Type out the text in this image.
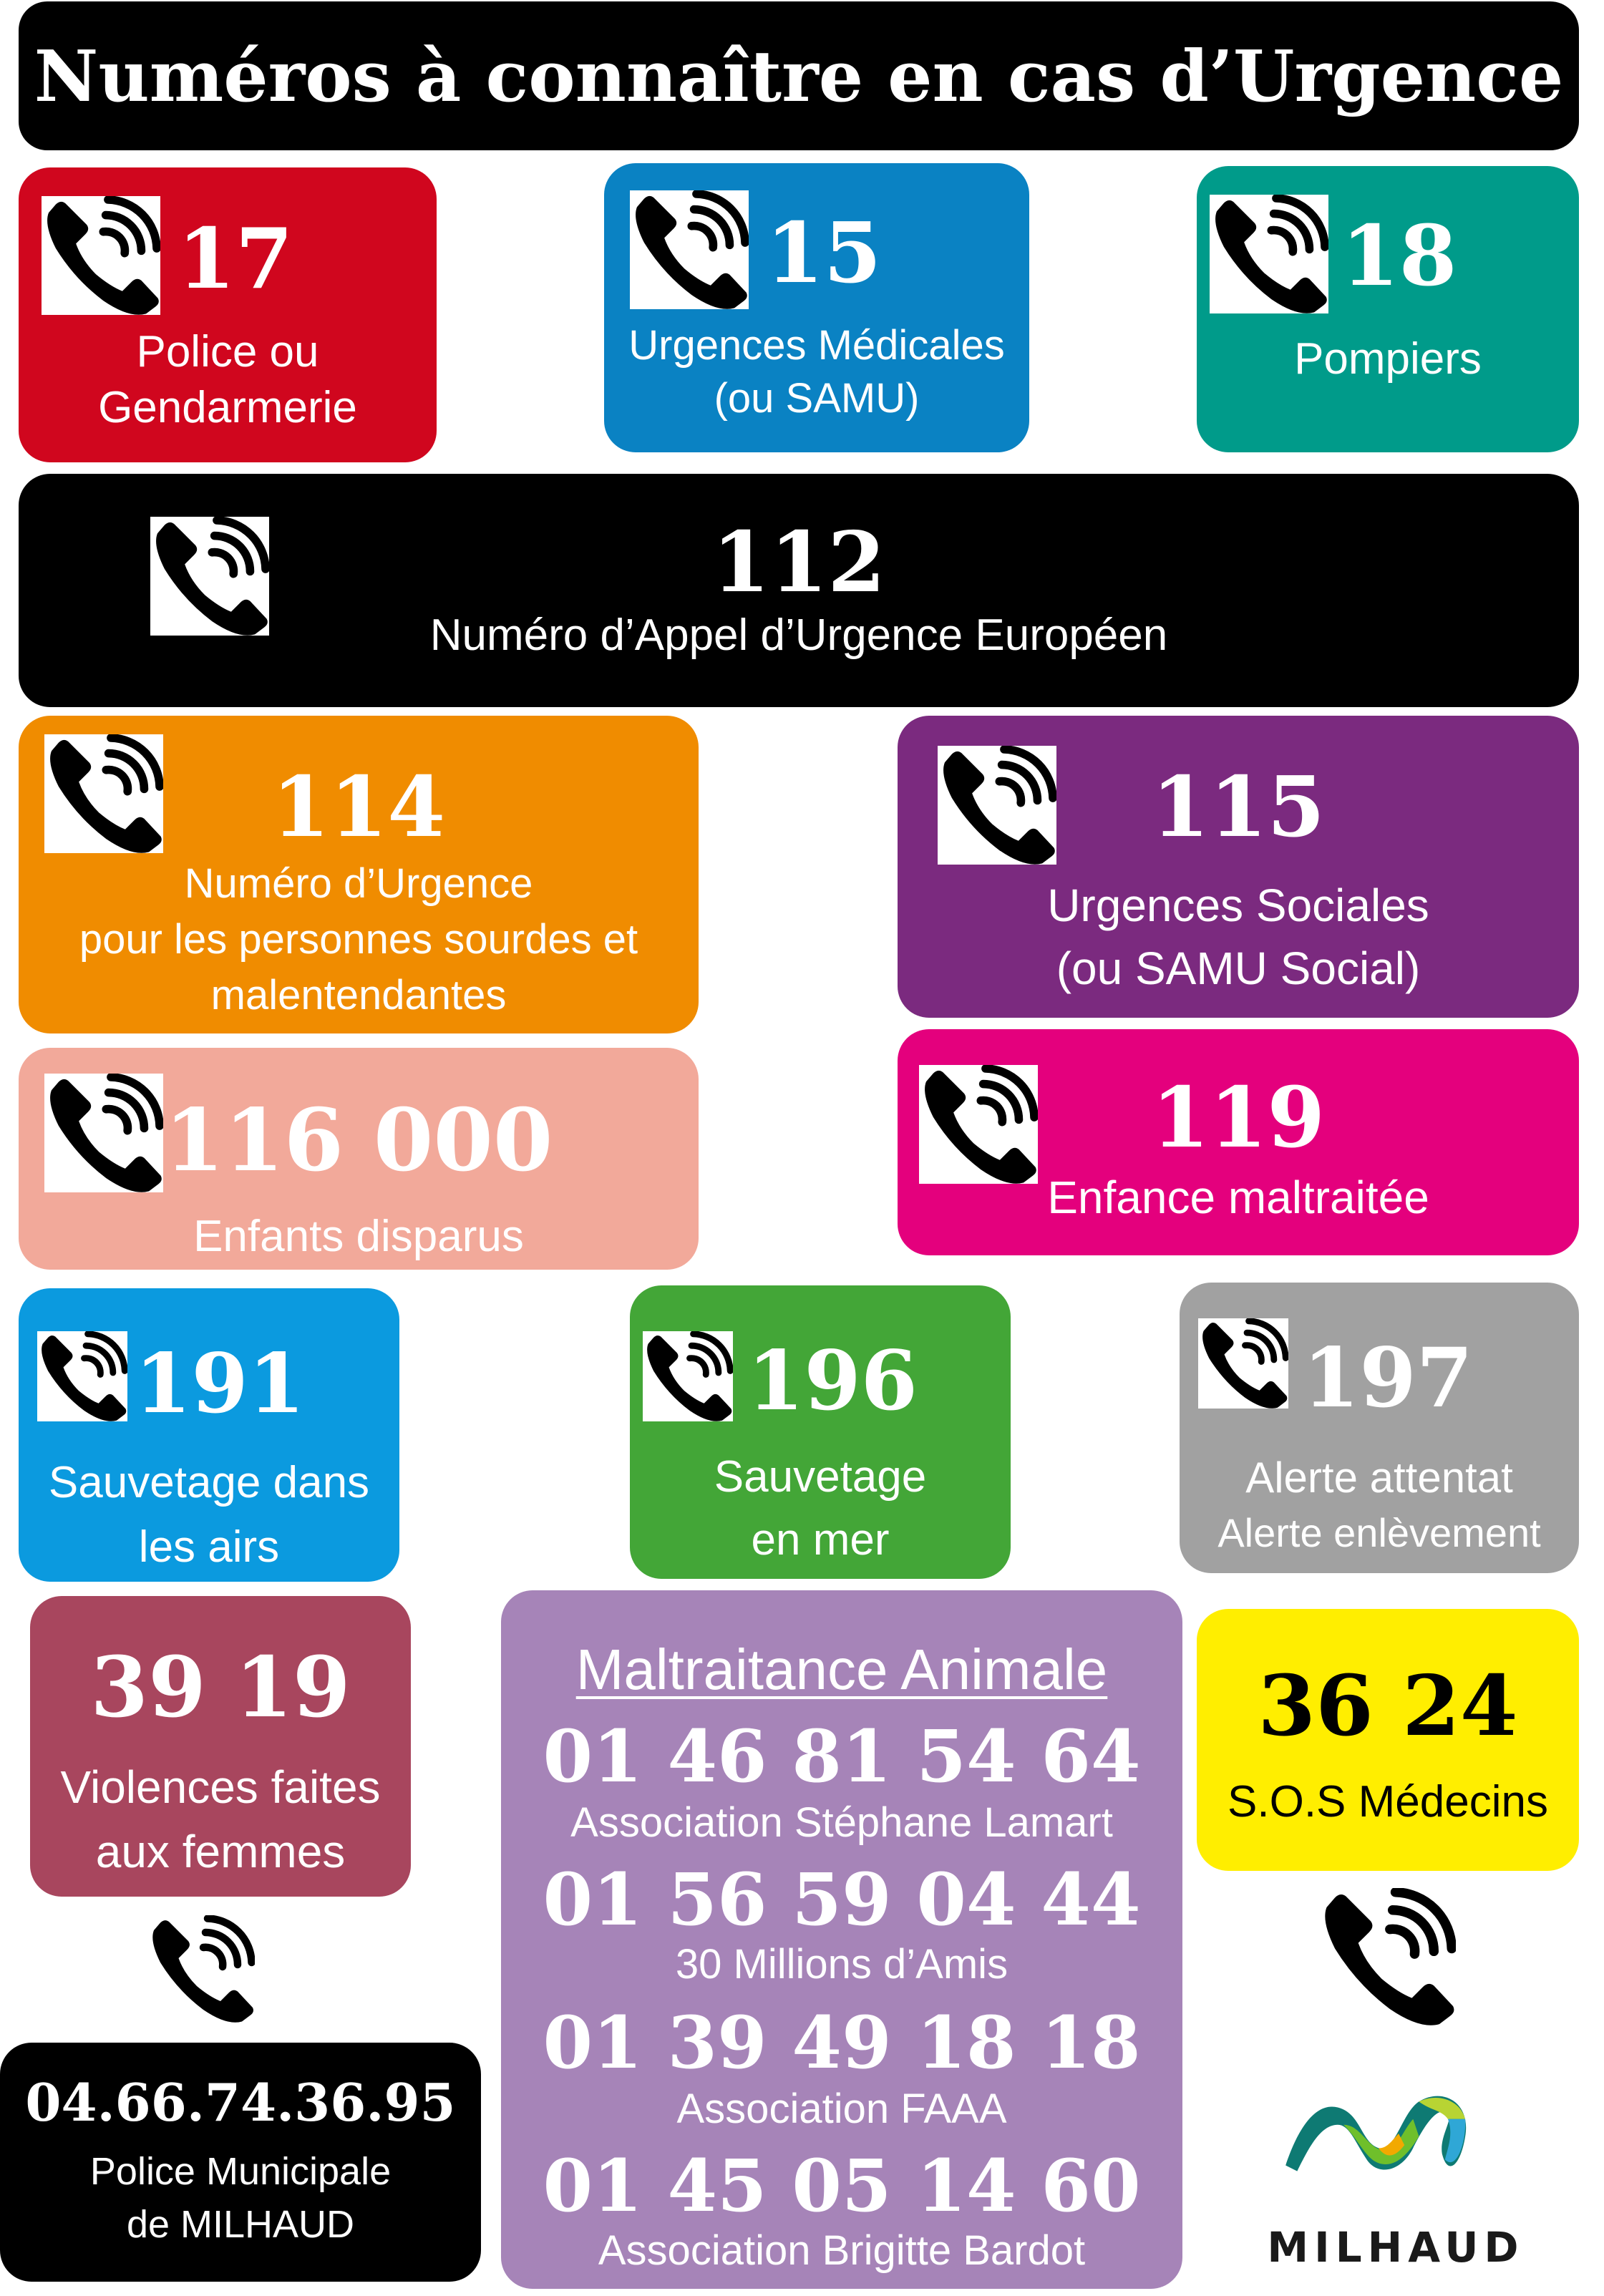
Numéros à connaître en cas d’Urgence
17
Police ou
Gendarmerie
15
Urgences Médicales
(ou SAMU)
18
Pompiers
112
Numéro d’Appel d’Urgence Européen
114
Numéro d’Urgence
pour les personnes sourdes et
malentendantes
115
Urgences Sociales
(ou SAMU Social)
116 000
Enfants disparus
119
Enfance maltraitée
191
Sauvetage dans
les airs
196
Sauvetage
en mer
197
Alerte attentat
Alerte enlèvement
39 19
Violences faites
aux femmes
04.66.74.36.95
Police Municipale
de MILHAUD
Maltraitance Animale
01 46 81 54 64
Association Stéphane Lamart
01 56 59 04 44
30 Millions d’Amis
01 39 49 18 18
Association FAAA
01 45 05 14 60
Association Brigitte Bardot
36 24
S.O.S Médecins
MILHAUD
